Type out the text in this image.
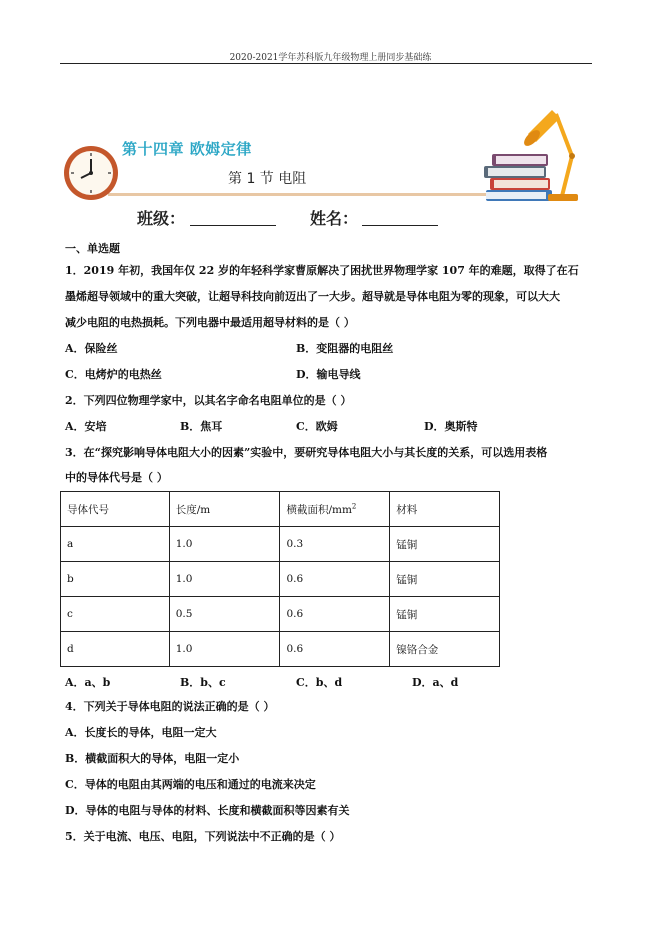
2020-2021学年苏科版九年级物理上册同步基础练
第十四章 欧姆定律
第 1 节 电阻
班级：	姓名：
一、单选题
1．2019 年初，我国年仅 22 岁的年轻科学家曹原解决了困扰世界物理学家 107 年的难题，取得了在石
墨烯超导领域中的重大突破，让超导科技向前迈出了一大步。超导就是导体电阻为零的现象，可以大大
减少电阻的电热损耗。下列电器中最适用超导材料的是（ ）
A．保险丝	B．变阻器的电阻丝
C．电烤炉的电热丝	D．输电导线
2．下列四位物理学家中，以其名字命名电阻单位的是（ ）
A．安培	B．焦耳	C．欧姆	D．奥斯特
3．在“探究影响导体电阻大小的因素”实验中，要研究导体电阻大小与其长度的关系，可以选用表格
中的导体代号是（ ）
导体代号	长度/m	横截面积$/mm^2$	材料
a	1.0	0.3	锰铜
b	1.0	0.6	锰铜
c	0.5	0.6	锰铜
d	1.0	0.6	镍铬合金
A．a、b	B．b、c	C．b、d	D．a、d
4．下列关于导体电阻的说法正确的是（ ）
A．长度长的导体，电阻一定大
B．横截面积大的导体，电阻一定小
C．导体的电阻由其两端的电压和通过的电流来决定
D．导体的电阻与导体的材料、长度和横截面积等因素有关
5．关于电流、电压、电阻，下列说法中不正确的是（ ）
